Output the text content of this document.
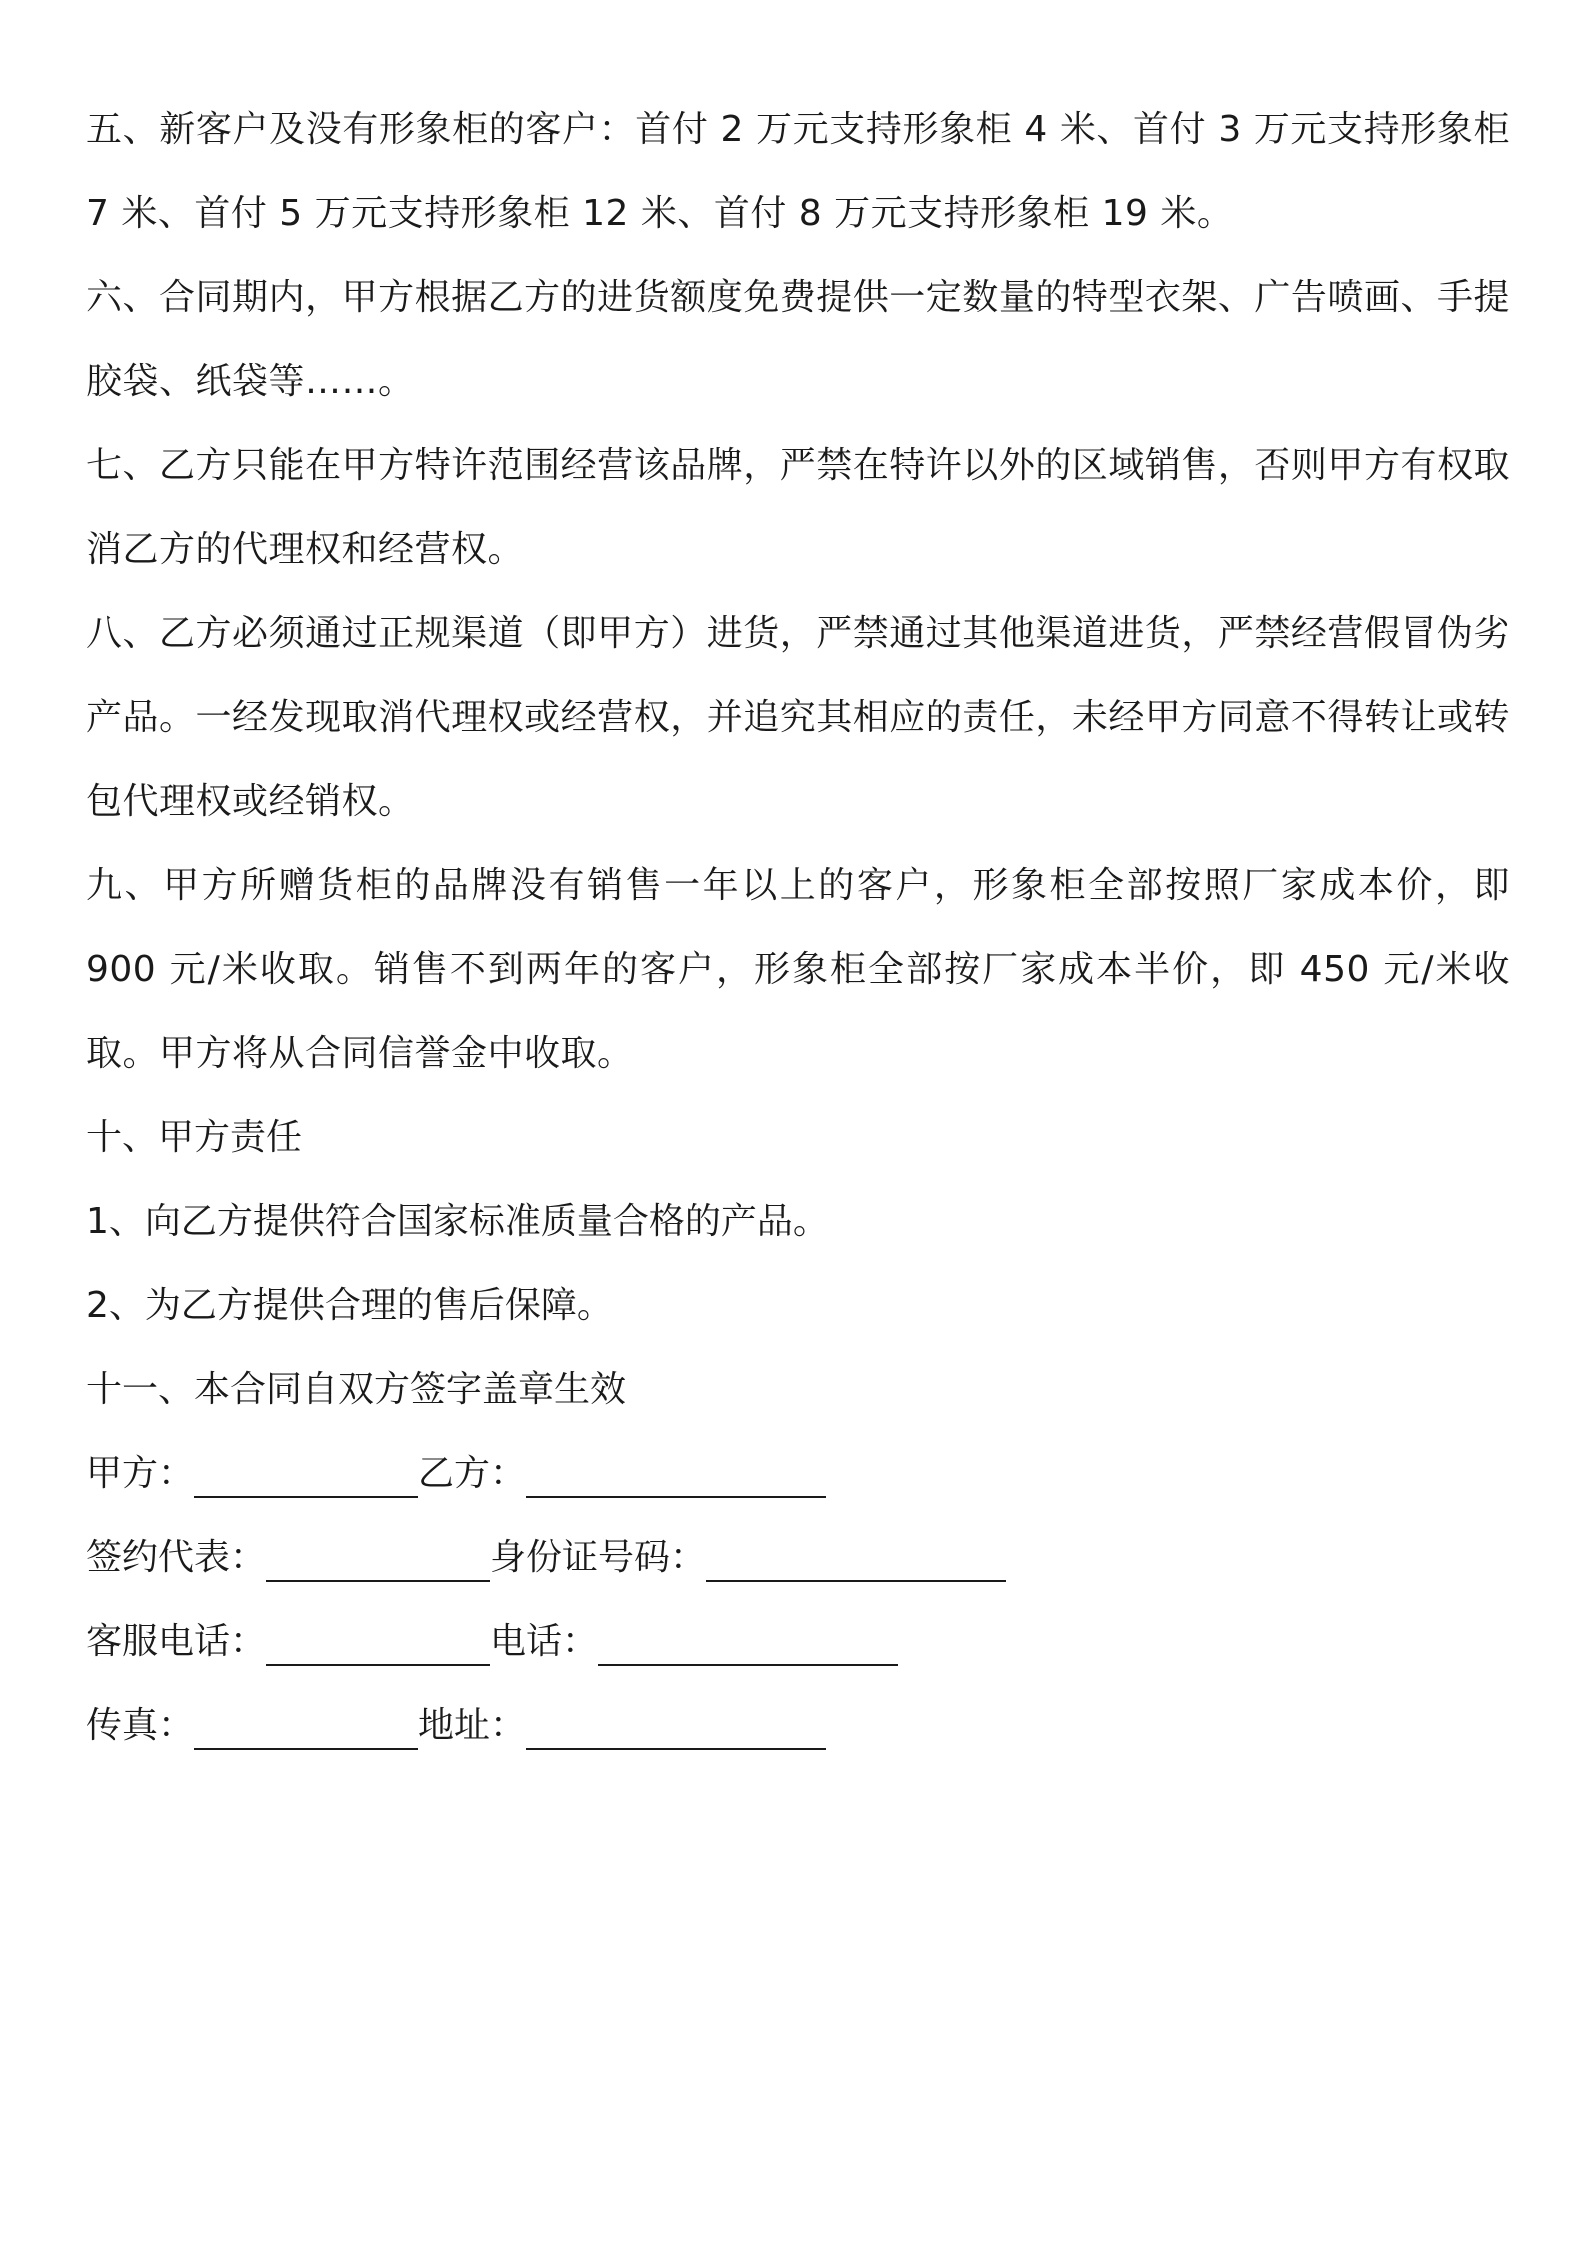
五、新客户及没有形象柜的客户：首付 2 万元支持形象柜 4 米、首付 3 万元支持形象柜 7 米、首付 5 万元支持形象柜 12 米、首付 8 万元支持形象柜 19 米。

六、合同期内，甲方根据乙方的进货额度免费提供一定数量的特型衣架、广告喷画、手提胶袋、纸袋等……。

七、乙方只能在甲方特许范围经营该品牌，严禁在特许以外的区域销售，否则甲方有权取消乙方的代理权和经营权。

八、乙方必须通过正规渠道（即甲方）进货，严禁通过其他渠道进货，严禁经营假冒伪劣产品。一经发现取消代理权或经营权，并追究其相应的责任，未经甲方同意不得转让或转包代理权或经销权。

九、甲方所赠货柜的品牌没有销售一年以上的客户，形象柜全部按照厂家成本价，即 900 元/米收取。销售不到两年的客户，形象柜全部按厂家成本半价，即 450 元/米收取。甲方将从合同信誉金中收取。

十、甲方责任

1、向乙方提供符合国家标准质量合格的产品。

2、为乙方提供合理的售后保障。

十一、本合同自双方签字盖章生效

甲方：	乙方：
签约代表：	身份证号码：
客服电话：	电话：
传真：	地址：
